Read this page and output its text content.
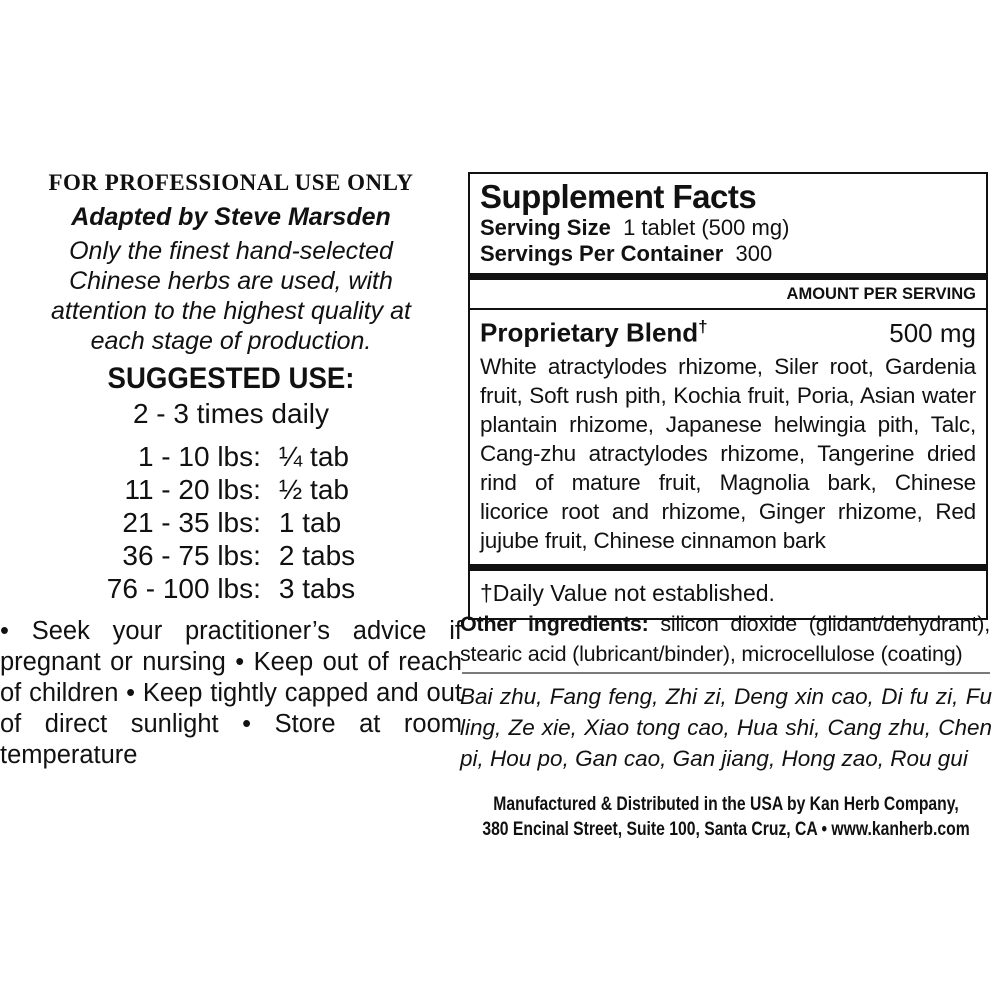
FOR PROFESSIONAL USE ONLY
Adapted by Steve Marsden
Only the finest hand-selected Chinese herbs are used, with attention to the highest quality at each stage of production.
SUGGESTED USE:
2 - 3 times daily
1 - 10 lbs: ¼ tab
11 - 20 lbs: ½ tab
21 - 35 lbs: 1 tab
36 - 75 lbs: 2 tabs
76 - 100 lbs: 3 tabs
• Seek your practitioner’s advice if pregnant or nursing • Keep out of reach of children • Keep tightly capped and out of direct sunlight • Store at room temperature
Supplement Facts
Serving Size 1 tablet (500 mg)
Servings Per Container 300
AMOUNT PER SERVING
Proprietary Blend†	500 mg
White atractylodes rhizome, Siler root, Gardenia fruit, Soft rush pith, Kochia fruit, Poria, Asian water plantain rhizome, Japanese helwingia pith, Talc, Cang-zhu atractylodes rhizome, Tangerine dried rind of mature fruit, Magnolia bark, Chinese licorice root and rhizome, Ginger rhizome, Red jujube fruit, Chinese cinnamon bark
†Daily Value not established.
Other ingredients: silicon dioxide (glidant/dehydrant), stearic acid (lubricant/binder), microcellulose (coating)
Bai zhu, Fang feng, Zhi zi, Deng xin cao, Di fu zi, Fu ling, Ze xie, Xiao tong cao, Hua shi, Cang zhu, Chen pi, Hou po, Gan cao, Gan jiang, Hong zao, Rou gui
Manufactured & Distributed in the USA by Kan Herb Company,
380 Encinal Street, Suite 100, Santa Cruz, CA • www.kanherb.com
